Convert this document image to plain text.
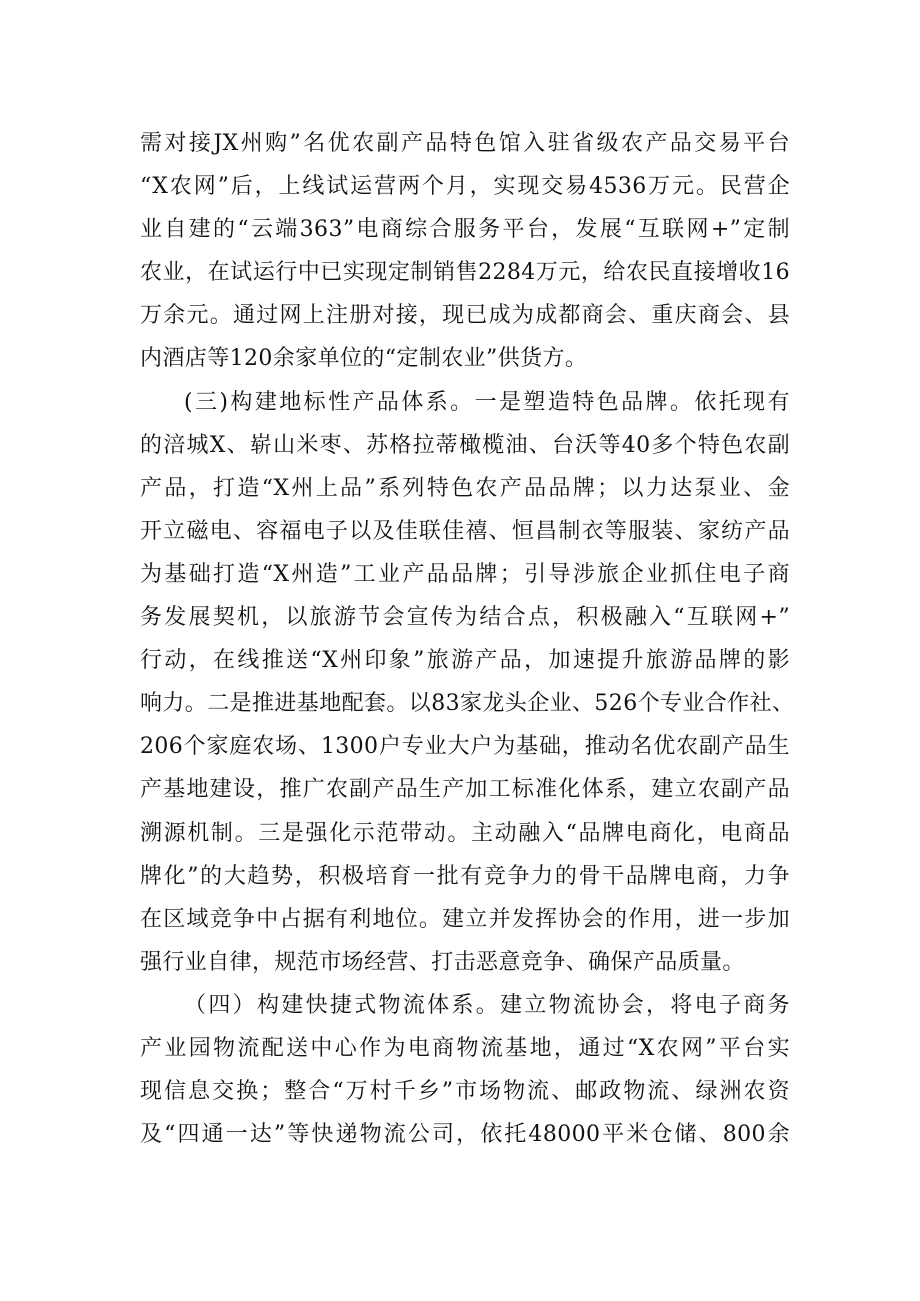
需对接JX州购”名优农副产品特色馆入驻省级农产品交易平台
“X农网”后，上线试运营两个月，实现交易4536万元。民营企
业自建的“云端363”电商综合服务平台，发展“互联网+”定制
农业，在试运行中已实现定制销售2284万元，给农民直接增收16
万余元。通过网上注册对接，现已成为成都商会、重庆商会、县
内酒店等120余家单位的“定制农业”供货方。
(三)构建地标性产品体系。一是塑造特色品牌。依托现有
的涪城X、崭山米枣、苏格拉蒂橄榄油、台沃等40多个特色农副
产品，打造“X州上品”系列特色农产品品牌；以力达泵业、金
开立磁电、容福电子以及佳联佳禧、恒昌制衣等服装、家纺产品
为基础打造“X州造”工业产品品牌；引导涉旅企业抓住电子商
务发展契机，以旅游节会宣传为结合点，积极融入“互联网+”
行动，在线推送“X州印象”旅游产品，加速提升旅游品牌的影
响力。二是推进基地配套。以83家龙头企业、526个专业合作社、
206个家庭农场、1300户专业大户为基础，推动名优农副产品生
产基地建设，推广农副产品生产加工标准化体系，建立农副产品
溯源机制。三是强化示范带动。主动融入“品牌电商化，电商品
牌化”的大趋势，积极培育一批有竞争力的骨干品牌电商，力争
在区域竞争中占据有利地位。建立并发挥协会的作用，进一步加
强行业自律，规范市场经营、打击恶意竞争、确保产品质量。
（四）构建快捷式物流体系。建立物流协会，将电子商务
产业园物流配送中心作为电商物流基地，通过“X农网”平台实
现信息交换；整合“万村千乡”市场物流、邮政物流、绿洲农资
及“四通一达”等快递物流公司，依托48000平米仓储、800余
